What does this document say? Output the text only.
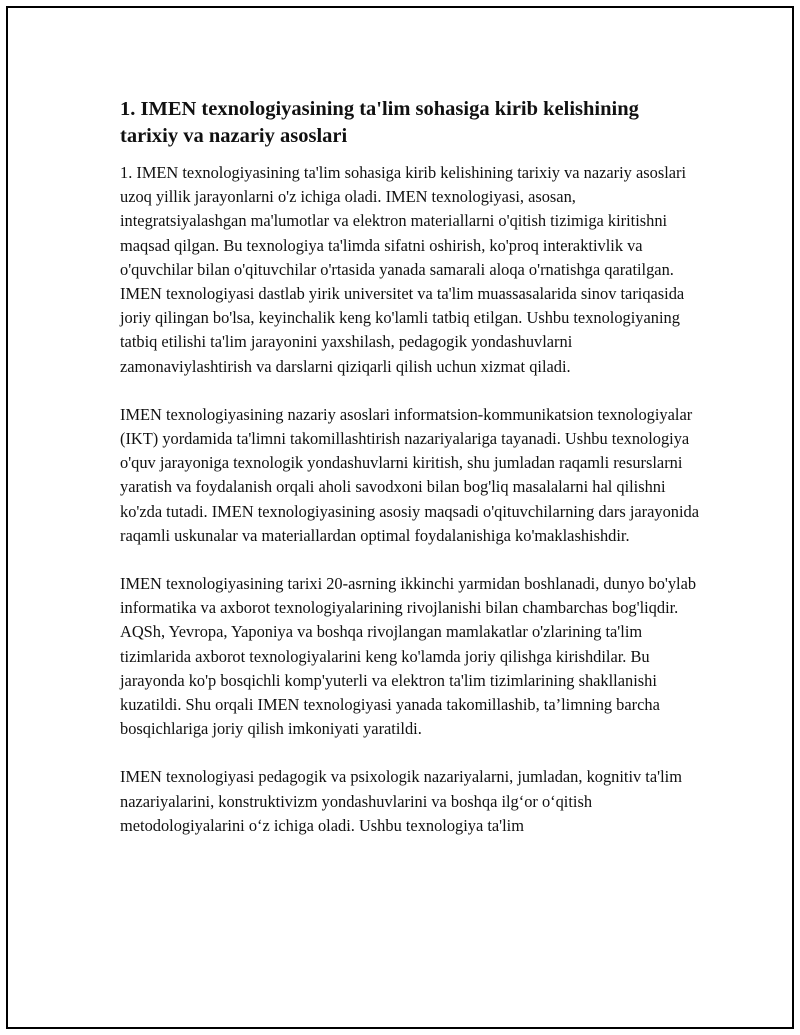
1. IMEN texnologiyasining ta'lim sohasiga kirib kelishining tarixiy va nazariy asoslari

1. IMEN texnologiyasining ta'lim sohasiga kirib kelishining tarixiy va nazariy asoslari uzoq yillik jarayonlarni o'z ichiga oladi. IMEN texnologiyasi, asosan, integratsiyalashgan ma'lumotlar va elektron materiallarni o'qitish tizimiga kiritishni maqsad qilgan. Bu texnologiya ta'limda sifatni oshirish, ko'proq interaktivlik va o'quvchilar bilan o'qituvchilar o'rtasida yanada samarali aloqa o'rnatishga qaratilgan. IMEN texnologiyasi dastlab yirik universitet va ta'lim muassasalarida sinov tariqasida joriy qilingan bo'lsa, keyinchalik keng ko'lamli tatbiq etilgan. Ushbu texnologiyaning tatbiq etilishi ta'lim jarayonini yaxshilash, pedagogik yondashuvlarni zamonaviylashtirish va darslarni qiziqarli qilish uchun xizmat qiladi.

IMEN texnologiyasining nazariy asoslari informatsion-kommunikatsion texnologiyalar (IKT) yordamida ta'limni takomillashtirish nazariyalariga tayanadi. Ushbu texnologiya o'quv jarayoniga texnologik yondashuvlarni kiritish, shu jumladan raqamli resurslarni yaratish va foydalanish orqali aholi savodxoni bilan bog'liq masalalarni hal qilishni ko'zda tutadi. IMEN texnologiyasining asosiy maqsadi o'qituvchilarning dars jarayonida raqamli uskunalar va materiallardan optimal foydalanishiga ko'maklashishdir.

IMEN texnologiyasining tarixi 20-asrning ikkinchi yarmidan boshlanadi, dunyo bo'ylab informatika va axborot texnologiyalarining rivojlanishi bilan chambarchas bog'liqdir. AQSh, Yevropa, Yaponiya va boshqa rivojlangan mamlakatlar o'zlarining ta'lim tizimlarida axborot texnologiyalarini keng ko'lamda joriy qilishga kirishdilar. Bu jarayonda ko'p bosqichli komp'yuterli va elektron ta'lim tizimlarining shakllanishi kuzatildi. Shu orqali IMEN texnologiyasi yanada takomillashib, ta’limning barcha bosqichlariga joriy qilish imkoniyati yaratildi.

IMEN texnologiyasi pedagogik va psixologik nazariyalarni, jumladan, kognitiv ta'lim nazariyalarini, konstruktivizm yondashuvlarini va boshqa ilg‘or o‘qitish metodologiyalarini o‘z ichiga oladi. Ushbu texnologiya ta'lim
